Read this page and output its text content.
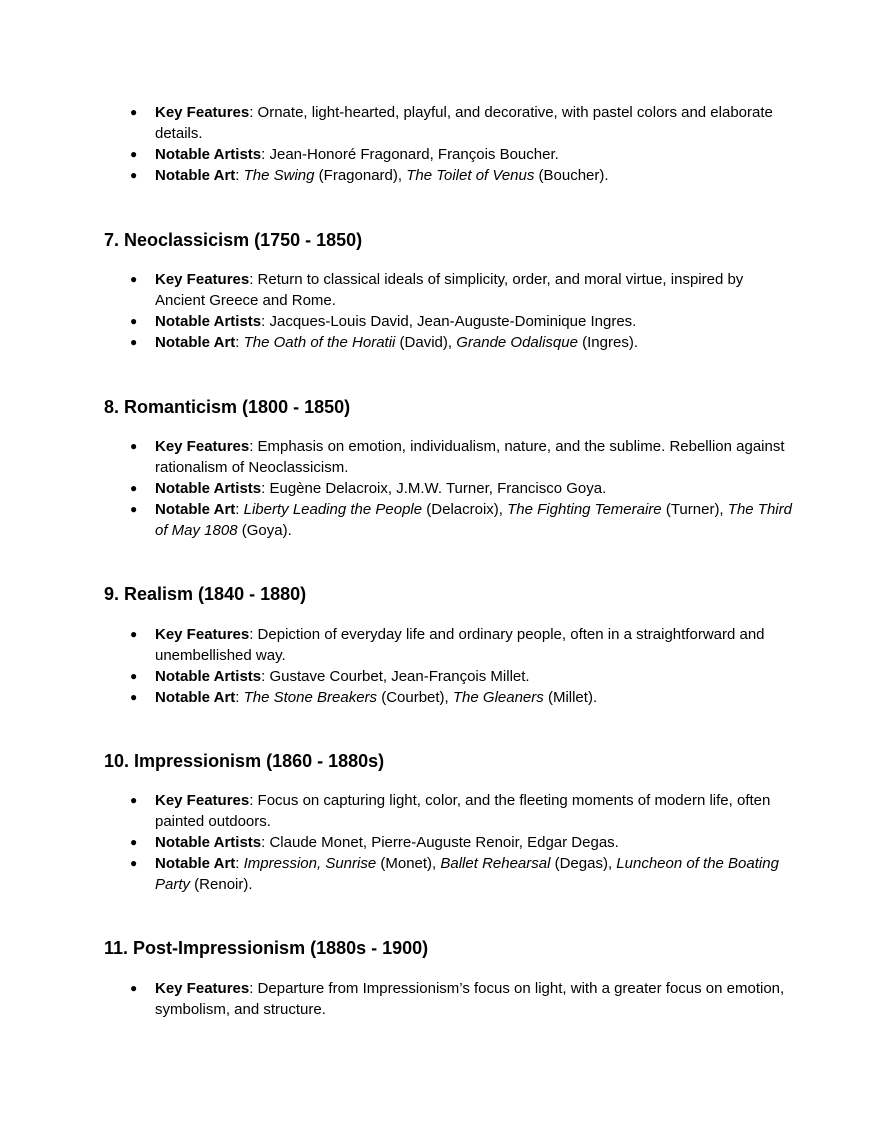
● Key Features: Ornate, light-hearted, playful, and decorative, with pastel colors and elaborate details.
● Notable Artists: Jean-Honoré Fragonard, François Boucher.
● Notable Art: The Swing (Fragonard), The Toilet of Venus (Boucher).
7. Neoclassicism (1750 - 1850)
● Key Features: Return to classical ideals of simplicity, order, and moral virtue, inspired by Ancient Greece and Rome.
● Notable Artists: Jacques-Louis David, Jean-Auguste-Dominique Ingres.
● Notable Art: The Oath of the Horatii (David), Grande Odalisque (Ingres).
8. Romanticism (1800 - 1850)
● Key Features: Emphasis on emotion, individualism, nature, and the sublime. Rebellion against rationalism of Neoclassicism.
● Notable Artists: Eugène Delacroix, J.M.W. Turner, Francisco Goya.
● Notable Art: Liberty Leading the People (Delacroix), The Fighting Temeraire (Turner), The Third of May 1808 (Goya).
9. Realism (1840 - 1880)
● Key Features: Depiction of everyday life and ordinary people, often in a straightforward and unembellished way.
● Notable Artists: Gustave Courbet, Jean-François Millet.
● Notable Art: The Stone Breakers (Courbet), The Gleaners (Millet).
10. Impressionism (1860 - 1880s)
● Key Features: Focus on capturing light, color, and the fleeting moments of modern life, often painted outdoors.
● Notable Artists: Claude Monet, Pierre-Auguste Renoir, Edgar Degas.
● Notable Art: Impression, Sunrise (Monet), Ballet Rehearsal (Degas), Luncheon of the Boating Party (Renoir).
11. Post-Impressionism (1880s - 1900)
● Key Features: Departure from Impressionism’s focus on light, with a greater focus on emotion, symbolism, and structure.
